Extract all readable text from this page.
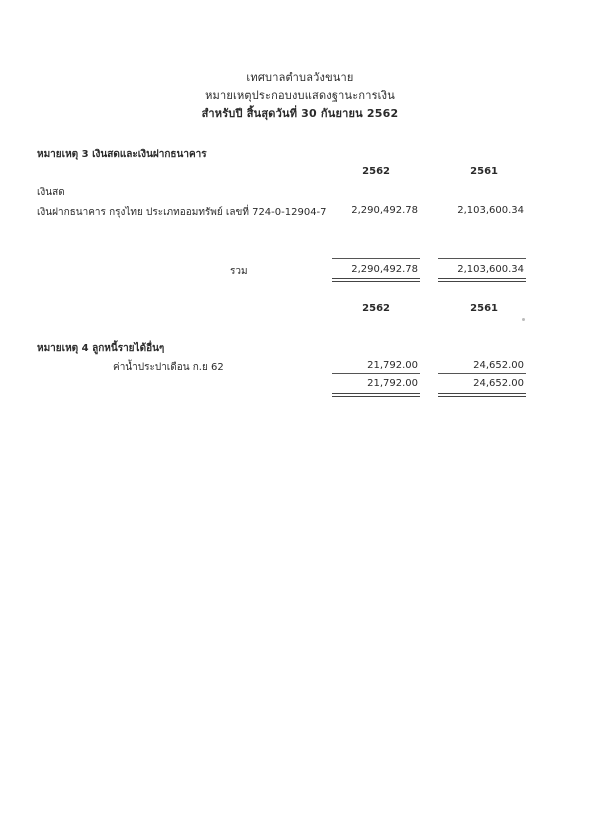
เทศบาลตำบลวังขนาย
หมายเหตุประกอบงบแสดงฐานะการเงิน
สำหรับปี สิ้นสุดวันที่ 30 กันยายน 2562
หมายเหตุ 3 เงินสดและเงินฝากธนาคาร
2562	2561
เงินสด
เงินฝากธนาคาร กรุงไทย ประเภทออมทรัพย์ เลขที่ 724-0-12904-7	2,290,492.78	2,103,600.34
รวม	2,290,492.78	2,103,600.34
2562	2561
หมายเหตุ 4 ลูกหนี้รายได้อื่นๆ
ค่าน้ำประปาเดือน ก.ย 62	21,792.00	24,652.00
21,792.00	24,652.00
